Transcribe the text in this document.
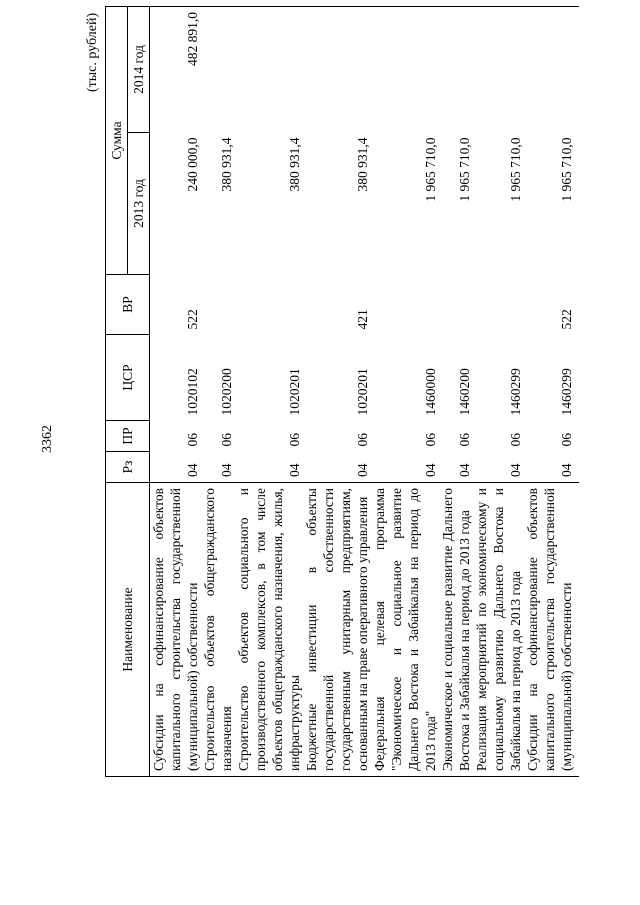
3362
(тыс. рублей)
Наименование	Рз	ПР	ЦСР	ВР	Сумма	
					2013 год	2014 год
Субсидии на софинансирование объектов капитального строительства государственной (муниципальной) собственности	04	06	1020102	522	240 000,0	482 891,0
Строительство объектов общегражданского назначения	04	06	1020200		380 931,4	
Строительство объектов социального и производственного комплексов, в том числе объектов общегражданского назначения, жилья, инфраструктуры	04	06	1020201		380 931,4	
Бюджетные инвестиции в объекты государственной собственности государственным унитарным предприятиям, основанным на праве оперативного управления	04	06	1020201	421	380 931,4	
Федеральная целевая программа "Экономическое и социальное развитие Дальнего Востока и Забайкалья на период до 2013 года"	04	06	1460000		1 965 710,0	
Экономическое и социальное развитие Дальнего Востока и Забайкалья на период до 2013 года	04	06	1460200		1 965 710,0	
Реализация мероприятий по экономическому и социальному развитию Дальнего Востока и Забайкалья на период до 2013 года	04	06	1460299		1 965 710,0	
Субсидии на софинансирование объектов капитального строительства государственной (муниципальной) собственности	04	06	1460299	522	1 965 710,0	
